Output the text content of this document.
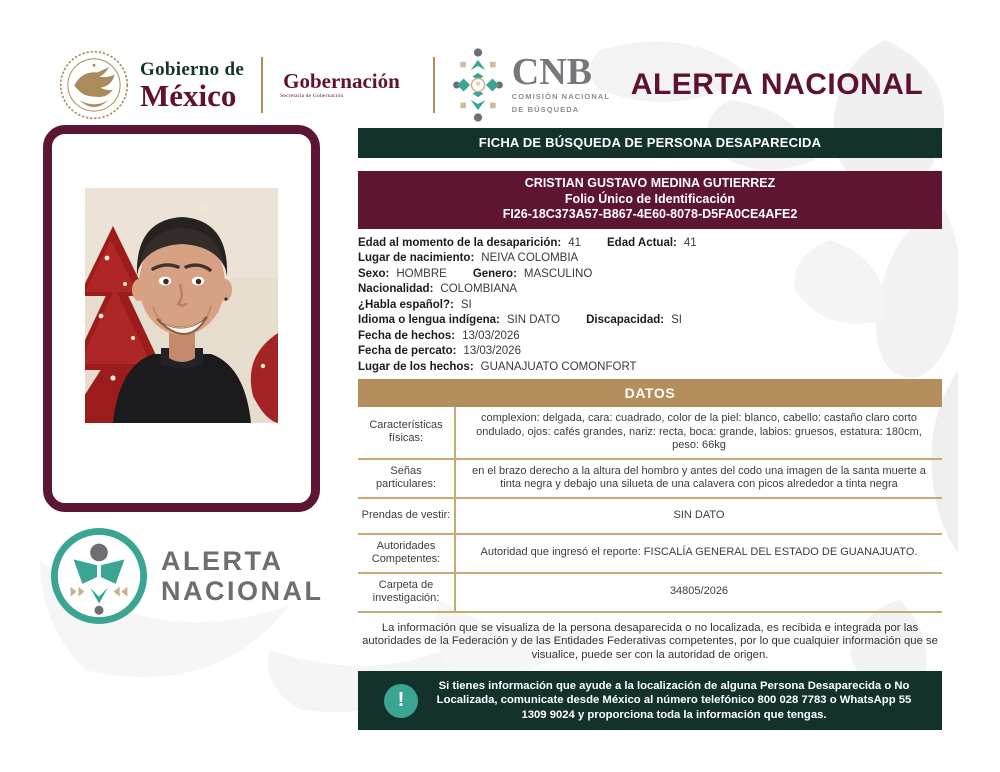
Gobierno de
México	Gobernación
Secretaría de Gobernación
CNB
COMISIÓN NACIONAL
DE BÚSQUEDA
ALERTA NACIONAL
ALERTA
NACIONAL
FICHA DE BÚSQUEDA DE PERSONA DESAPARECIDA
CRISTIAN GUSTAVO MEDINA GUTIERREZ
Folio Único de Identificación
FI26-18C373A57-B867-4E60-8078-D5FA0CE4AFE2
Edad al momento de la desaparición: 41 Edad Actual: 41
Lugar de nacimiento: NEIVA COLOMBIA
Sexo: HOMBRE Genero: MASCULINO
Nacionalidad: COLOMBIANA
¿Habla español?: SI
Idioma o lengua indígena: SIN DATO Discapacidad: SI
Fecha de hechos: 13/03/2026
Fecha de percato: 13/03/2026
Lugar de los hechos: GUANAJUATO COMONFORT
DATOS
Características físicas:
complexion: delgada, cara: cuadrado, color de la piel: blanco, cabello: castaño claro corto ondulado, ojos: cafés grandes, nariz: recta, boca: grande, labios: gruesos, estatura: 180cm, peso: 66kg
Señas particulares:
en el brazo derecho a la altura del hombro y antes del codo una imagen de la santa muerte a tinta negra y debajo una silueta de una calavera con picos alrededor a tinta negra
Prendas de vestir:	SIN DATO
Autoridades Competentes:
Autoridad que ingresó el reporte: FISCALÍA GENERAL DEL ESTADO DE GUANAJUATO.
Carpeta de investigación:
34805/2026
La información que se visualiza de la persona desaparecida o no localizada, es recibida e integrada por las autoridades de la Federación y de las Entidades Federativas competentes, por lo que cualquier información que se visualice, puede ser con la autoridad de origen.
!
Si tienes información que ayude a la localización de alguna Persona Desaparecida o No Localizada, comunicate desde México al número telefónico 800 028 7783 o WhatsApp 55 1309 9024 y proporciona toda la información que tengas.
